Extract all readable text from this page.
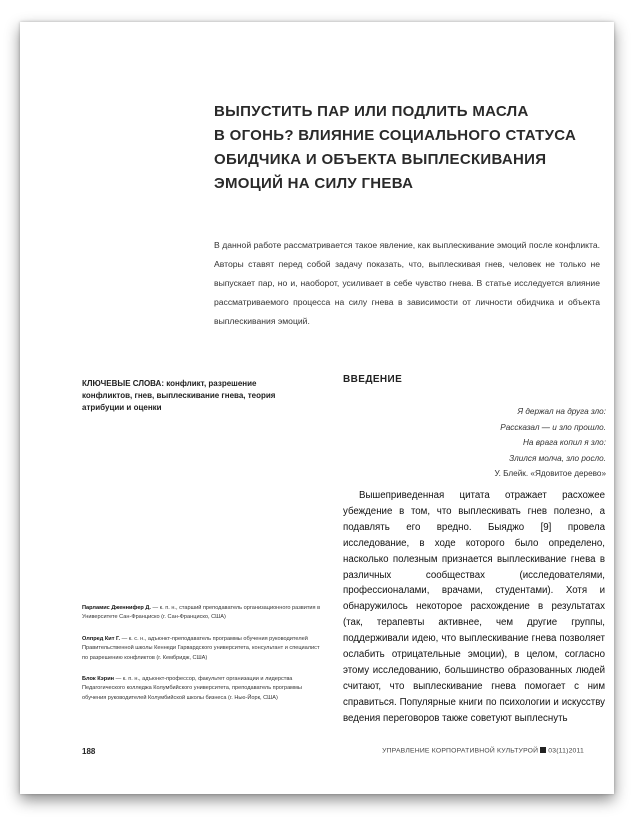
ВЫПУСТИТЬ ПАР ИЛИ ПОДЛИТЬ МАСЛА
В ОГОНЬ? ВЛИЯНИЕ СОЦИАЛЬНОГО СТАТУСА
ОБИДЧИКА И ОБЪЕКТА ВЫПЛЕСКИВАНИЯ
ЭМОЦИЙ НА СИЛУ ГНЕВА

В данной работе рассматривается такое явление, как выплескивание эмоций после конфликта. Авторы ставят перед собой задачу показать, что, выплескивая гнев, человек не только не выпускает пар, но и, наоборот, усиливает в себе чувство гнева. В статье исследуется влияние рассматриваемого процесса на силу гнева в зависимости от личности обидчика и объекта выплескивания эмоций.

КЛЮЧЕВЫЕ СЛОВА: конфликт, разрешение конфликтов, гнев, выплескивание гнева, теория атрибуции и оценки

ВВЕДЕНИЕ
Я держал на друга зло:
Рассказал — и зло прошло.
На врага копил я зло:
Злился молча, зло росло.
У. Блейк. «Ядовитое дерево»

Вышеприведенная цитата отражает расхожее убеждение в том, что выплескивать гнев полезно, а подавлять его вредно. Быяджо [9] провела исследование, в ходе которого было определено, насколько полезным признается выплескивание гнева в различных сообществах (исследователями, профессионалами, врачами, студентами). Хотя и обнаружилось некоторое расхождение в результатах (так, терапевты активнее, чем другие группы, поддерживали идею, что выплескивание гнева позволяет ослабить отрицательные эмоции), в целом, согласно этому исследованию, большинство образованных людей считают, что выплескивание гнева помогает с ним справиться. Популярные книги по психологии и искусству ведения переговоров также советуют выплеснуть

Парламис Дженнифер Д. — к. п. н., старший преподаватель организационного развития в Университете Сан-Франциско (г. Сан-Франциско, США)

Олпред Кит Г. — к. с. н., адъюнкт-преподаватель программы обучения руководителей Правительственной школы Кеннеди Гарвардского университета, консультант и специалист по разрешению конфликтов (г. Кембридж, США)

Блок Кэрин — к. п. н., адъюнкт-профессор, факультет организации и лидерства Педагогического колледжа Колумбийского университета, преподаватель программы обучения руководителей Колумбийской школы бизнеса (г. Нью-Йорк, США)

188	УПРАВЛЕНИЕ КОРПОРАТИВНОЙ КУЛЬТУРОЙ 03(11)2011
